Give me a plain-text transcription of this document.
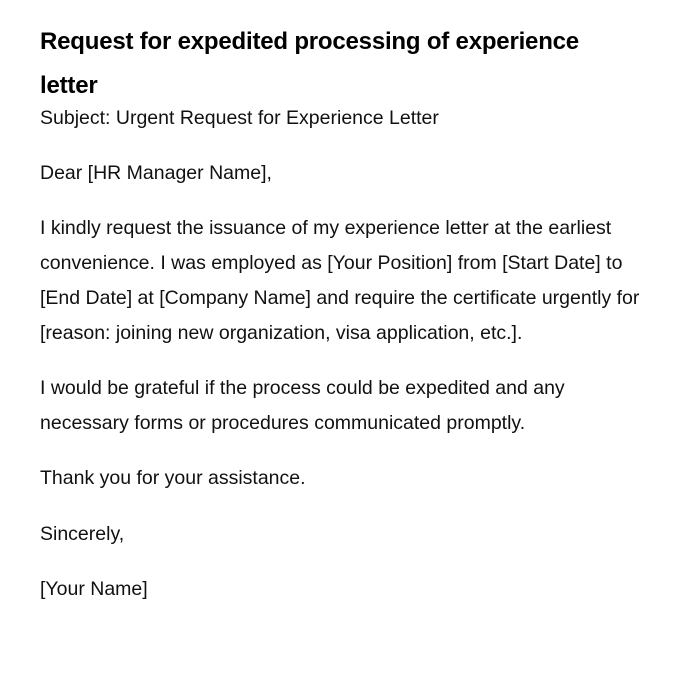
Request for expedited processing of experience letter

Subject: Urgent Request for Experience Letter

Dear [HR Manager Name],

I kindly request the issuance of my experience letter at the earliest convenience. I was employed as [Your Position] from [Start Date] to [End Date] at [Company Name] and require the certificate urgently for [reason: joining new organization, visa application, etc.].

I would be grateful if the process could be expedited and any necessary forms or procedures communicated promptly.

Thank you for your assistance.

Sincerely,

[Your Name]
